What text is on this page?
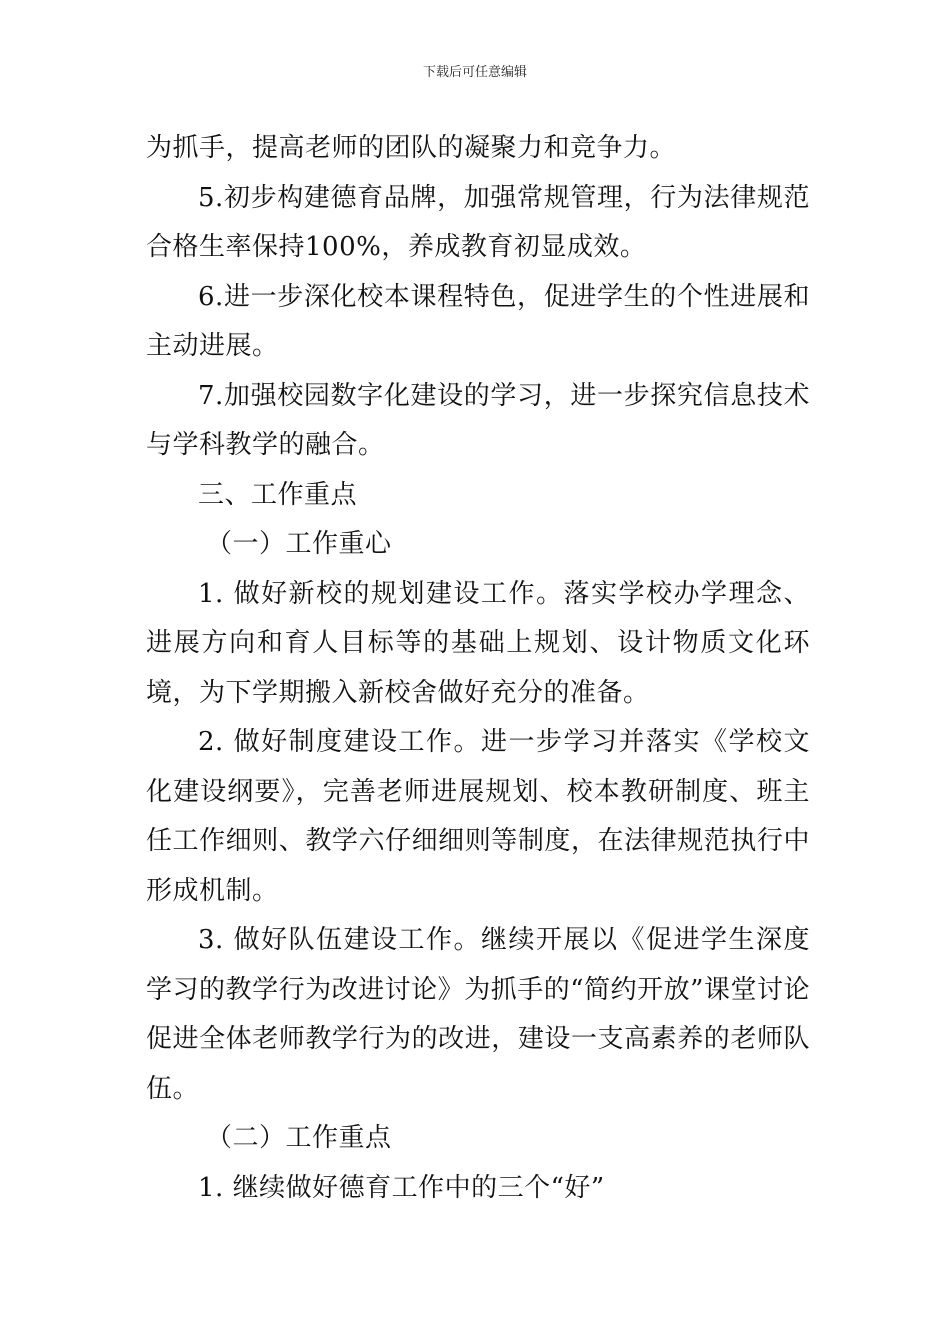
下载后可任意编辑

为抓手，提高老师的团队的凝聚力和竞争力。

5.初步构建德育品牌，加强常规管理，行为法律规范合格生率保持100%，养成教育初显成效。

6.进一步深化校本课程特色，促进学生的个性进展和主动进展。

7.加强校园数字化建设的学习，进一步探究信息技术与学科教学的融合。

三、工作重点

（一）工作重心

1. 做好新校的规划建设工作。落实学校办学理念、进展方向和育人目标等的基础上规划、设计物质文化环境，为下学期搬入新校舍做好充分的准备。

2. 做好制度建设工作。进一步学习并落实《学校文化建设纲要》，完善老师进展规划、校本教研制度、班主任工作细则、教学六仔细细则等制度，在法律规范执行中形成机制。

3. 做好队伍建设工作。继续开展以《促进学生深度学习的教学行为改进讨论》为抓手的“简约开放”课堂讨论促进全体老师教学行为的改进，建设一支高素养的老师队伍。

（二）工作重点

1. 继续做好德育工作中的三个“好”
